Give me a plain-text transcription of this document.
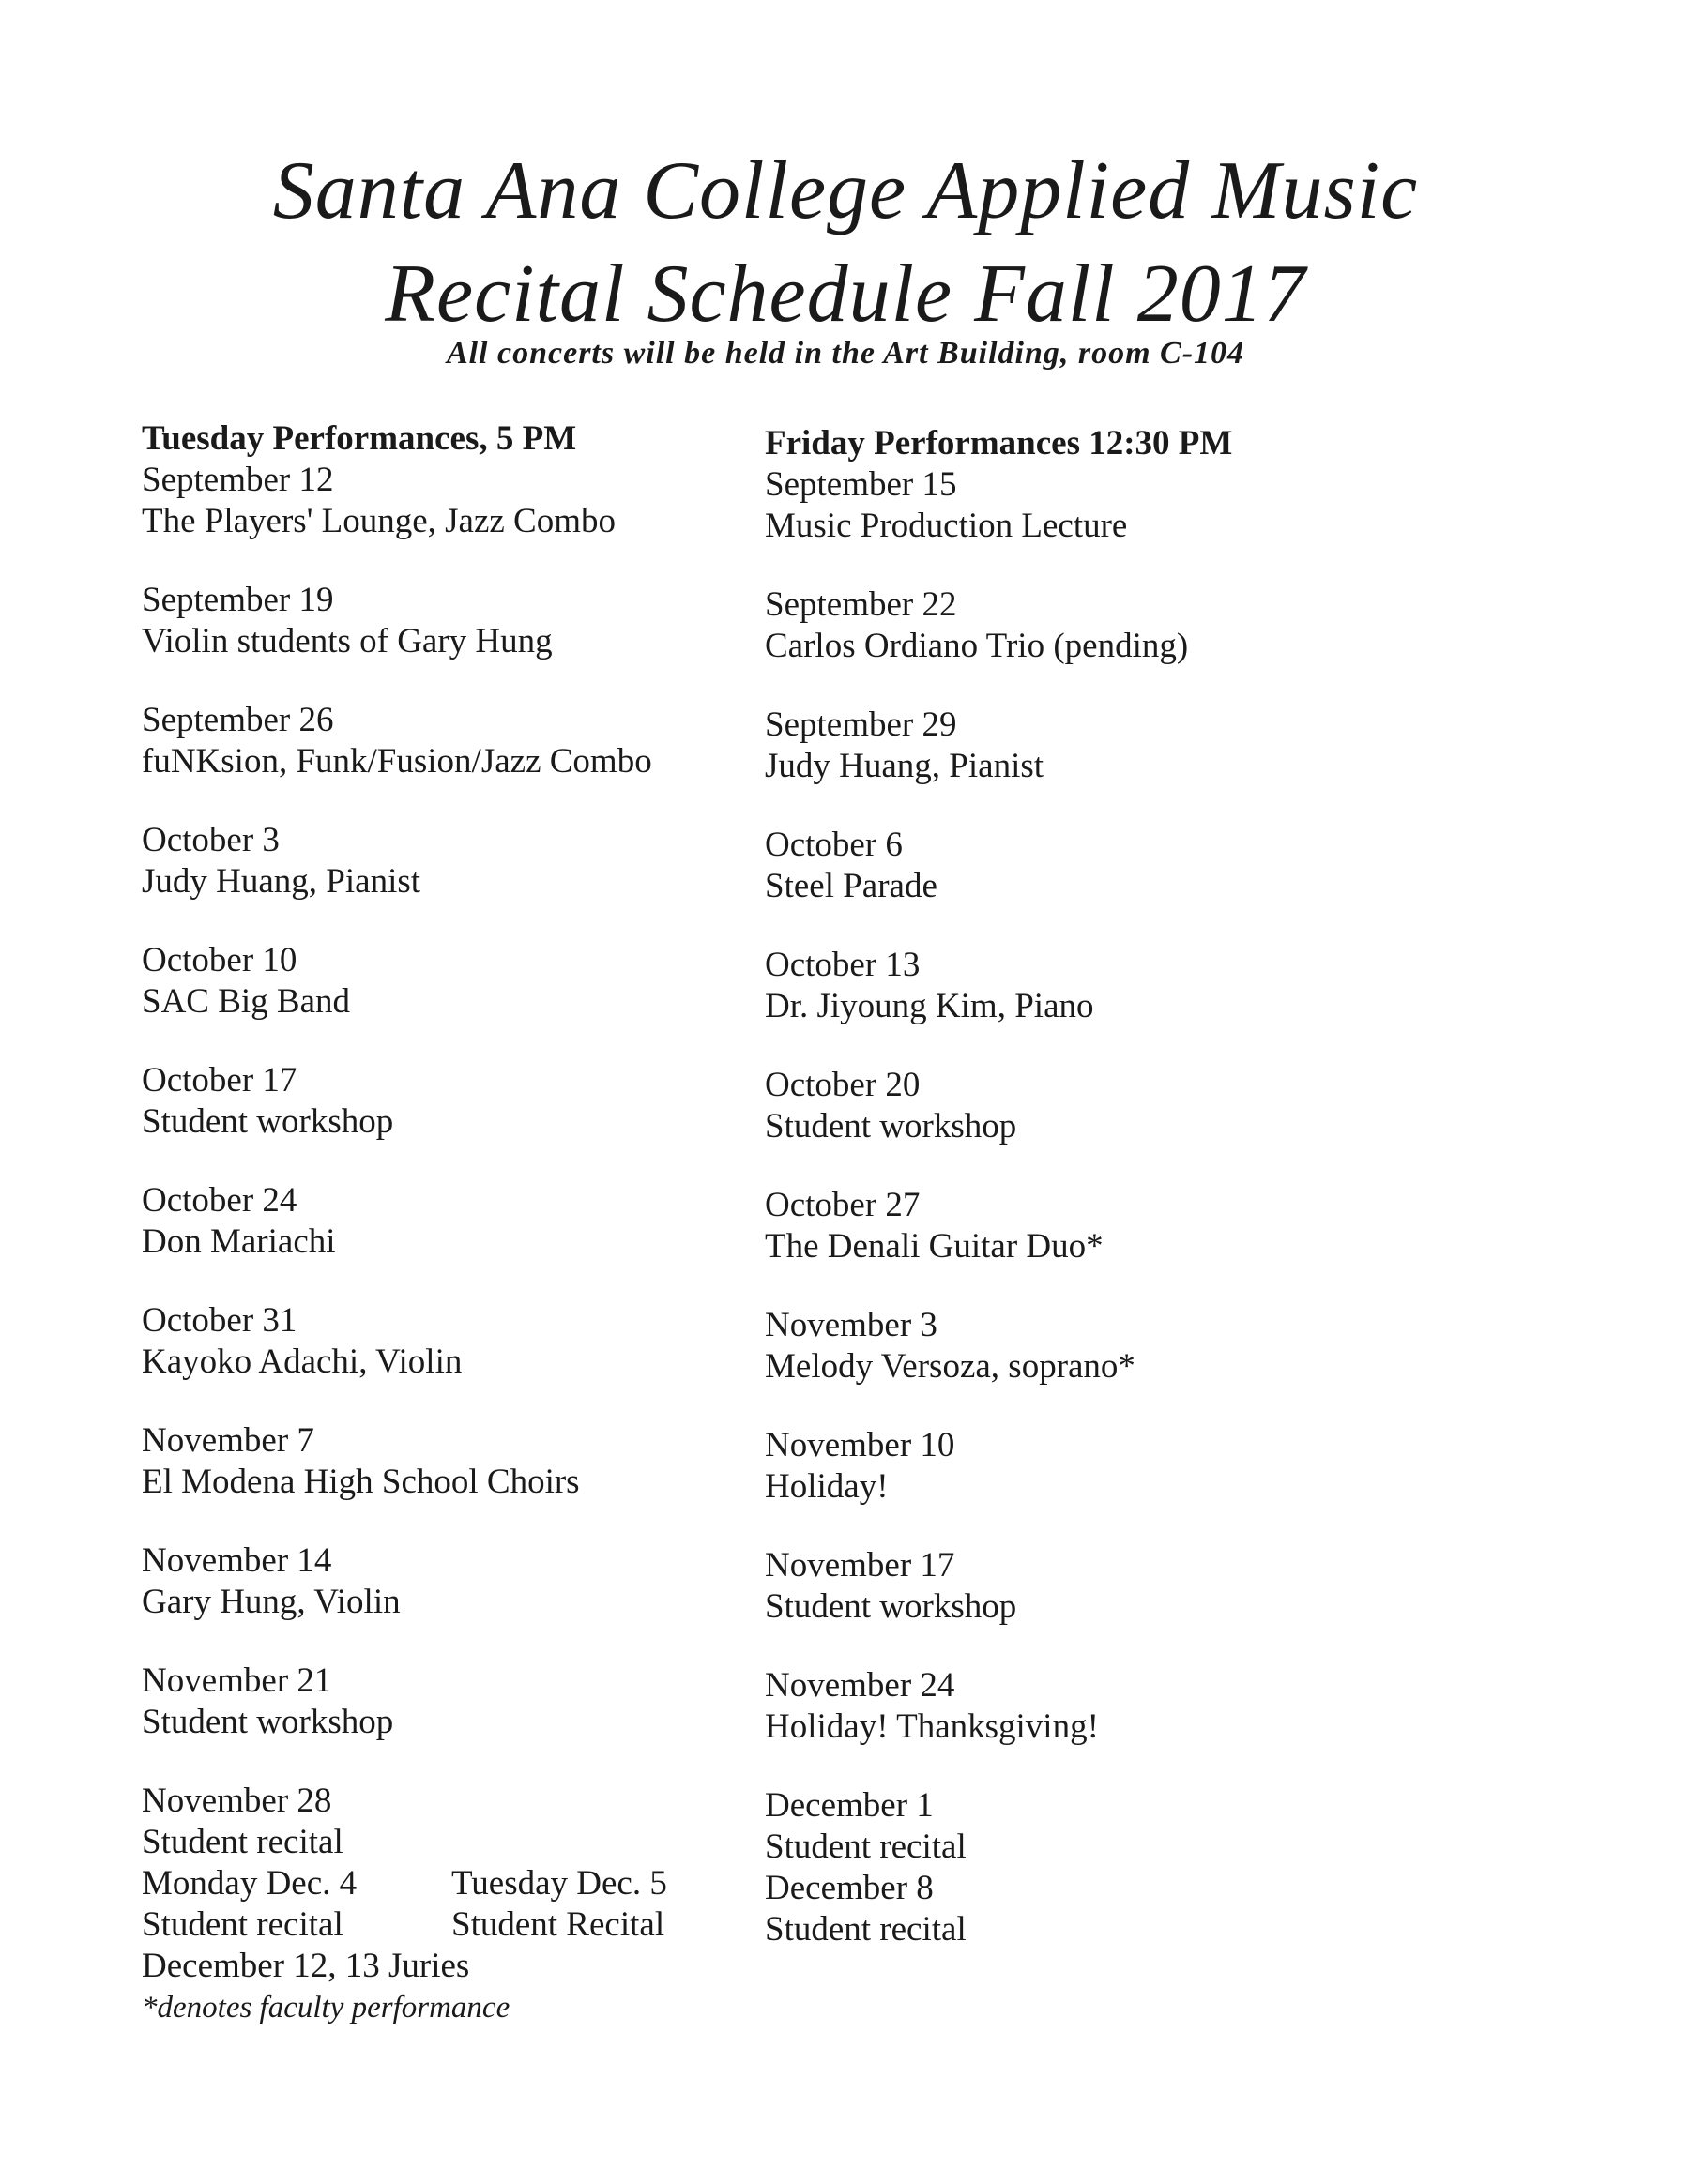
Santa Ana College Applied Music
Recital Schedule Fall 2017
All concerts will be held in the Art Building, room C-104
Tuesday Performances, 5 PM
September 12
The Players' Lounge, Jazz Combo
September 19
Violin students of Gary Hung
September 26
fuNKsion, Funk/Fusion/Jazz Combo
October 3
Judy Huang, Pianist
October 10
SAC Big Band
October 17
Student workshop
October 24
Don Mariachi
October 31
Kayoko Adachi, Violin
November 7
El Modena High School Choirs
November 14
Gary Hung, Violin
November 21
Student workshop
November 28
Student recital
Monday Dec. 4	Tuesday Dec. 5
Student recital	Student Recital
December 12, 13 Juries
*denotes faculty performance
Friday Performances 12:30 PM
September 15
Music Production Lecture
September 22
Carlos Ordiano Trio (pending)
September 29
Judy Huang, Pianist
October 6
Steel Parade
October 13
Dr. Jiyoung Kim, Piano
October 20
Student workshop
October 27
The Denali Guitar Duo*
November 3
Melody Versoza, soprano*
November 10
Holiday!
November 17
Student workshop
November 24
Holiday! Thanksgiving!
December 1
Student recital
December 8
Student recital
